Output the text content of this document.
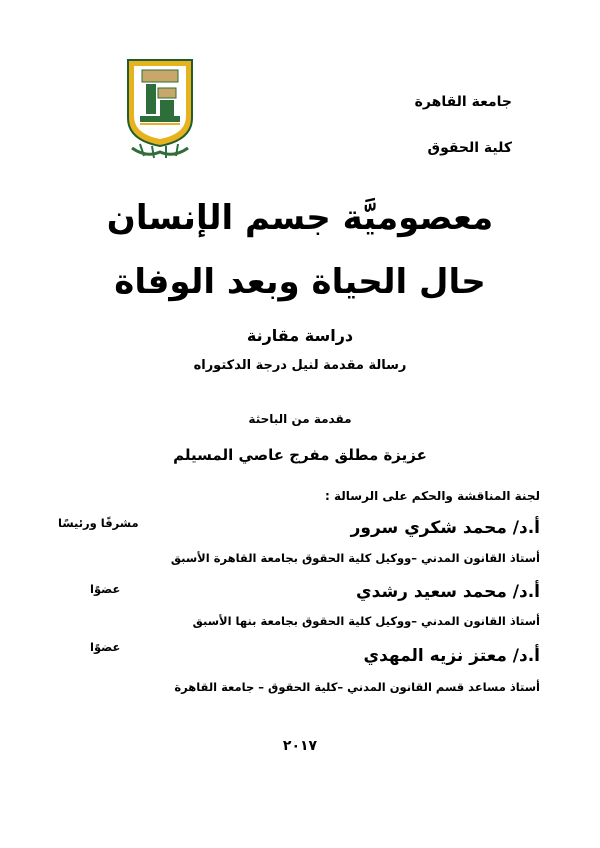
جامعة القاهرة
كلية الحقوق
معصوميَّة جسم الإنسان
حال الحياة وبعد الوفاة
دراسة مقارنة
رسالة مقدمة لنيل درجة الدكتوراه
مقدمة من الباحثة
عزيزة مطلق مفرج عاصي المسيلم
لجنة المناقشة والحكم على الرسالة :
أ.د/ محمد شكري سرور
أستاذ القانون المدني –ووكيل كلية الحقوق بجامعة القاهرة الأسبق
مشرفًا ورئيسًا
أ.د/ محمد سعيد رشدي
أستاذ القانون المدني –ووكيل كلية الحقوق بجامعة بنها الأسبق
عضوًا
أ.د/ معتز نزيه المهدي
أستاذ مساعد قسم القانون المدني –كلية الحقوق – جامعة القاهرة
عضوًا
٢٠١٧
